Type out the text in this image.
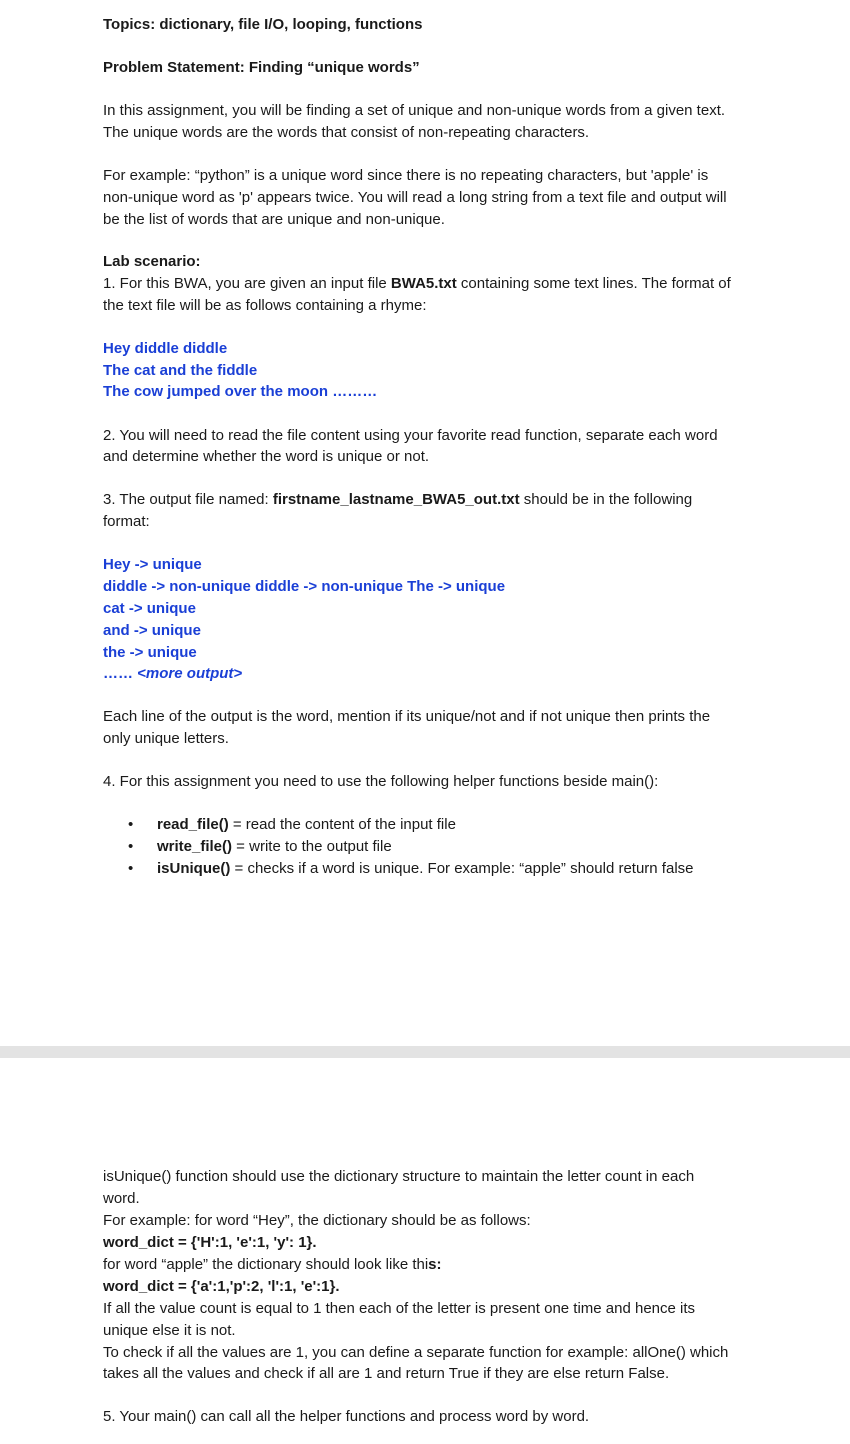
Topics: dictionary, file I/O, looping, functions
Problem Statement: Finding “unique words”
In this assignment, you will be finding a set of unique and non-unique words from a given text.
The unique words are the words that consist of non-repeating characters.
For example: “python” is a unique word since there is no repeating characters, but 'apple' is
non-unique word as 'p' appears twice. You will read a long string from a text file and output will
be the list of words that are unique and non-unique.
Lab scenario:
1. For this BWA, you are given an input file BWA5.txt containing some text lines. The format of
the text file will be as follows containing a rhyme:
Hey diddle diddle
The cat and the fiddle
The cow jumped over the moon ………
2. You will need to read the file content using your favorite read function, separate each word
and determine whether the word is unique or not.
3. The output file named: firstname_lastname_BWA5_out.txt should be in the following
format:
Hey -> unique
diddle -> non-unique diddle -> non-unique The -> unique
cat -> unique
and -> unique
the -> unique
…… <more output>
Each line of the output is the word, mention if its unique/not and if not unique then prints the
only unique letters.
4. For this assignment you need to use the following helper functions beside main():
• read_file() = read the content of the input file
• write_file() = write to the output file
• isUnique() = checks if a word is unique. For example: “apple” should return false
isUnique() function should use the dictionary structure to maintain the letter count in each
word.
For example: for word “Hey”, the dictionary should be as follows:
word_dict = {'H':1, 'e':1, 'y': 1}.
for word “apple” the dictionary should look like this:
word_dict = {'a':1,'p':2, 'l':1, 'e':1}.
If all the value count is equal to 1 then each of the letter is present one time and hence its
unique else it is not.
To check if all the values are 1, you can define a separate function for example: allOne() which
takes all the values and check if all are 1 and return True if they are else return False.
5. Your main() can call all the helper functions and process word by word.
